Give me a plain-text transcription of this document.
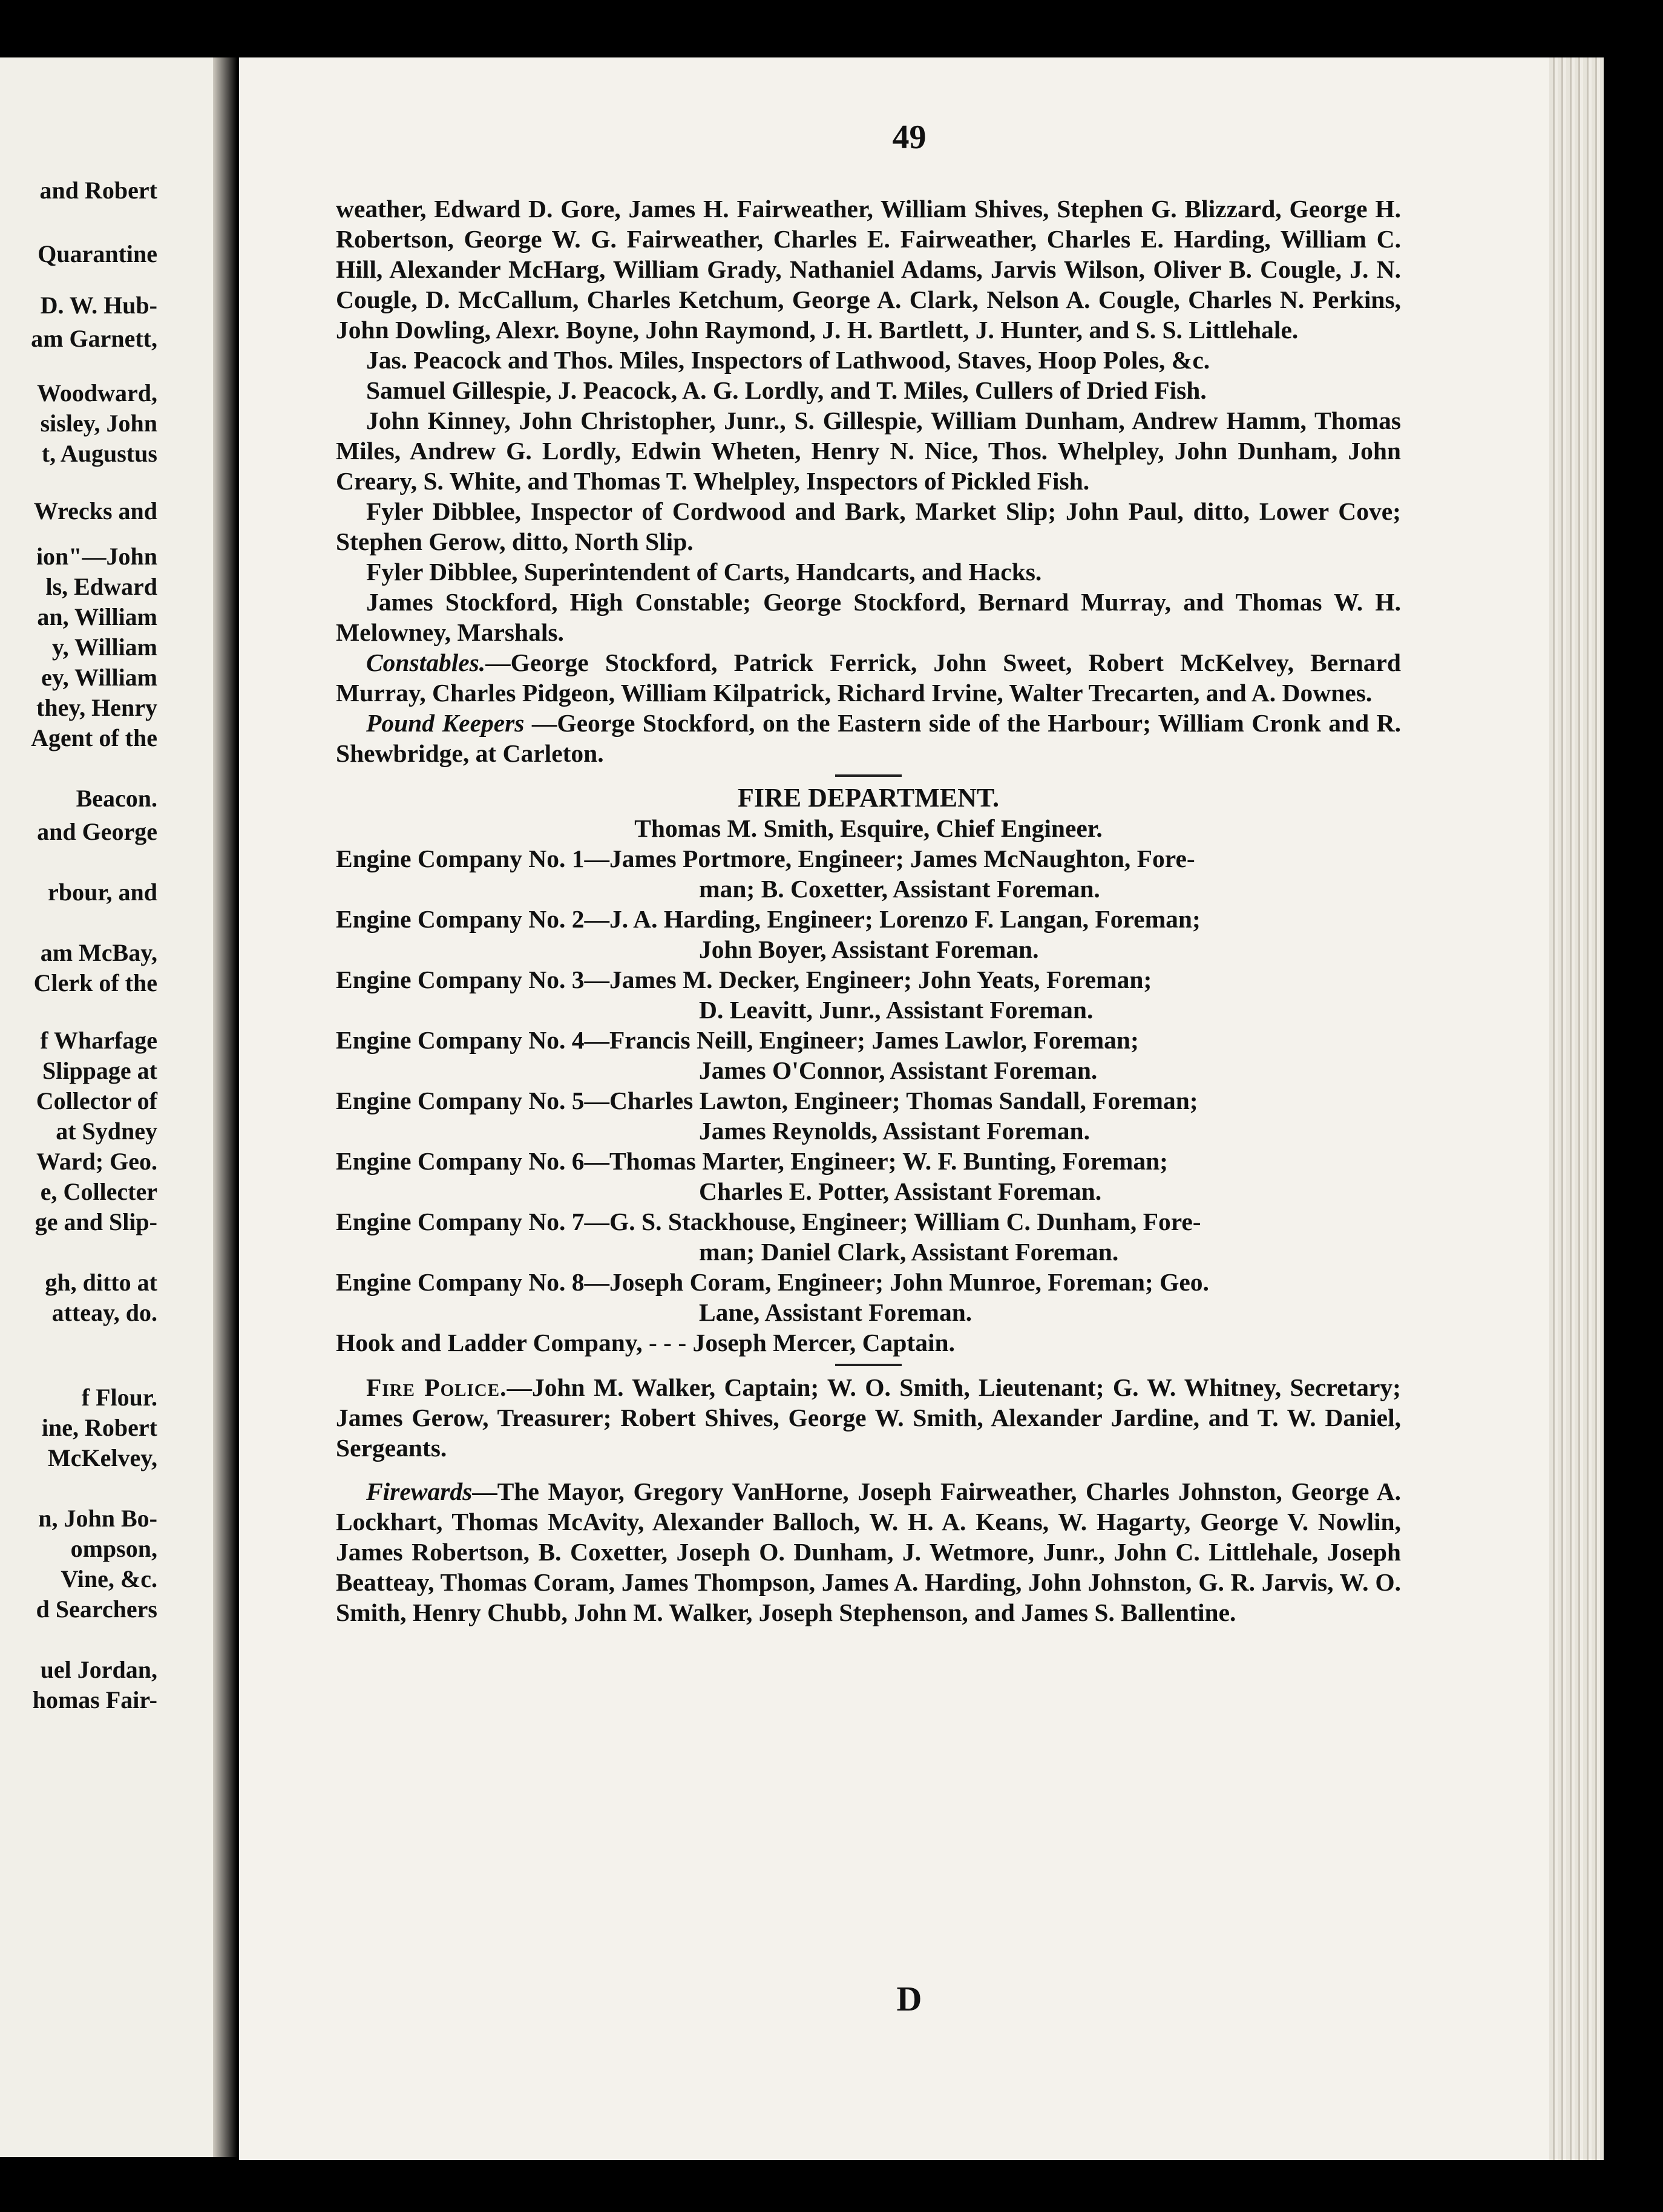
and Robert
Quarantine
D. W. Hub-
am Garnett,
Woodward,
sisley, John
t, Augustus
Wrecks and
ion"—John
ls, Edward
an, William
y, William
ey, William
they, Henry
Agent of the
Beacon.
and George
rbour, and
am McBay,
Clerk of the
f Wharfage
Slippage at
Collector of
at Sydney
Ward; Geo.
e, Collecter
ge and Slip-
gh, ditto at
atteay, do.
f Flour.
ine, Robert
McKelvey,
n, John Bo-
ompson,
Vine, &c.
d Searchers
uel Jordan,
homas Fair-
49

weather, Edward D. Gore, James H. Fairweather, William Shives, Stephen G. Blizzard, George H. Robertson, George W. G. Fairweather, Charles E. Fairweather, Charles E. Harding, William C. Hill, Alexander McHarg, William Grady, Nathaniel Adams, Jarvis Wilson, Oliver B. Cougle, J. N. Cougle, D. McCallum, Charles Ketchum, George A. Clark, Nelson A. Cougle, Charles N. Perkins, John Dowling, Alexr. Boyne, John Raymond, J. H. Bartlett, J. Hunter, and S. S. Littlehale.

Jas. Peacock and Thos. Miles, Inspectors of Lathwood, Staves, Hoop Poles, &c.

Samuel Gillespie, J. Peacock, A. G. Lordly, and T. Miles, Cullers of Dried Fish.

John Kinney, John Christopher, Junr., S. Gillespie, William Dunham, Andrew Hamm, Thomas Miles, Andrew G. Lordly, Edwin Wheten, Henry N. Nice, Thos. Whelpley, John Dunham, John Creary, S. White, and Thomas T. Whelpley, Inspectors of Pickled Fish.

Fyler Dibblee, Inspector of Cordwood and Bark, Market Slip; John Paul, ditto, Lower Cove; Stephen Gerow, ditto, North Slip.

Fyler Dibblee, Superintendent of Carts, Handcarts, and Hacks.

James Stockford, High Constable; George Stockford, Bernard Murray, and Thomas W. H. Melowney, Marshals.

Constables.—George Stockford, Patrick Ferrick, John Sweet, Robert McKelvey, Bernard Murray, Charles Pidgeon, William Kilpatrick, Richard Irvine, Walter Trecarten, and A. Downes.

Pound Keepers —George Stockford, on the Eastern side of the Harbour; William Cronk and R. Shewbridge, at Carleton.

FIRE DEPARTMENT.

Thomas M. Smith, Esquire, Chief Engineer.

Engine Company No. 1—James Portmore, Engineer; James McNaughton, Fore-
man; B. Coxetter, Assistant Foreman.

Engine Company No. 2—J. A. Harding, Engineer; Lorenzo F. Langan, Foreman;
John Boyer, Assistant Foreman.

Engine Company No. 3—James M. Decker, Engineer; John Yeats, Foreman;
D. Leavitt, Junr., Assistant Foreman.

Engine Company No. 4—Francis Neill, Engineer; James Lawlor, Foreman;
James O'Connor, Assistant Foreman.

Engine Company No. 5—Charles Lawton, Engineer; Thomas Sandall, Foreman;
James Reynolds, Assistant Foreman.

Engine Company No. 6—Thomas Marter, Engineer; W. F. Bunting, Foreman;
Charles E. Potter, Assistant Foreman.

Engine Company No. 7—G. S. Stackhouse, Engineer; William C. Dunham, Fore-
man; Daniel Clark, Assistant Foreman.

Engine Company No. 8—Joseph Coram, Engineer; John Munroe, Foreman; Geo.
Lane, Assistant Foreman.

Hook and Ladder Company, - - - Joseph Mercer, Captain.

Fire Police.—John M. Walker, Captain; W. O. Smith, Lieutenant; G. W. Whitney, Secretary; James Gerow, Treasurer; Robert Shives, George W. Smith, Alexander Jardine, and T. W. Daniel, Sergeants.

Firewards—The Mayor, Gregory VanHorne, Joseph Fairweather, Charles Johnston, George A. Lockhart, Thomas McAvity, Alexander Balloch, W. H. A. Keans, W. Hagarty, George V. Nowlin, James Robertson, B. Coxetter, Joseph O. Dunham, J. Wetmore, Junr., John C. Littlehale, Joseph Beatteay, Thomas Coram, James Thompson, James A. Harding, John Johnston, G. R. Jarvis, W. O. Smith, Henry Chubb, John M. Walker, Joseph Stephenson, and James S. Ballentine.

D
